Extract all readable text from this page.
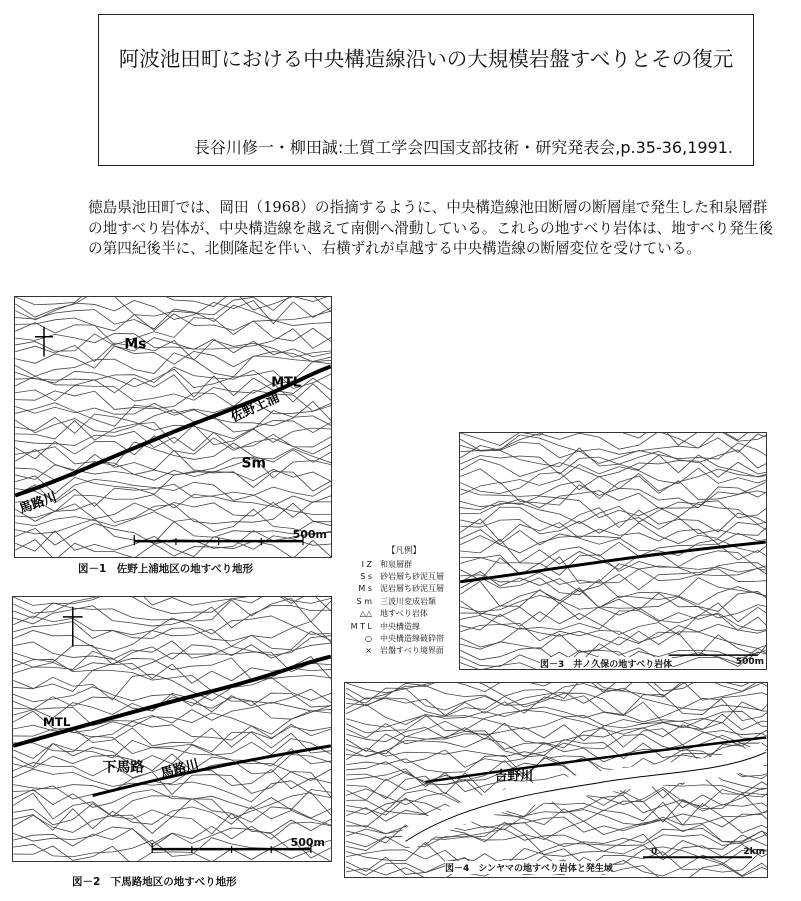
阿波池田町における中央構造線沿いの大規模岩盤すべりとその復元
長谷川修一・柳田誠:土質工学会四国支部技術・研究発表会,p.35-36,1991.

徳島県池田町では、岡田（1968）の指摘するように、中央構造線池田断層の断層崖で発生した和泉層群の地すべり岩体が、中央構造線を越えて南側へ滑動している。これらの地すべり岩体は、地すべり発生後の第四紀後半に、北側隆起を伴い、右横ずれが卓越する中央構造線の断層変位を受けている。

Ms
Sm
MTL
佐野上浦
馬路川
500m
図－1　佐野上浦地区の地すべり地形
【凡例】
I Z	和泉層群
S s	砂岩層ち砂泥互層
M s	泥岩層ち砂泥互層
S m	三波川変成岩類
△△	地すべり岩体
M T L	中央構造線
○	中央構造線破砕帯
×	岩盤すべり境界面
下馬路 馬路川
MTL
500m
図－2　下馬路地区の地すべり地形
図－3　井ノ久保の地すべり岩体	500m
吉野川
図－4　シンヤマの地すべり岩体と発生域
0	2km
